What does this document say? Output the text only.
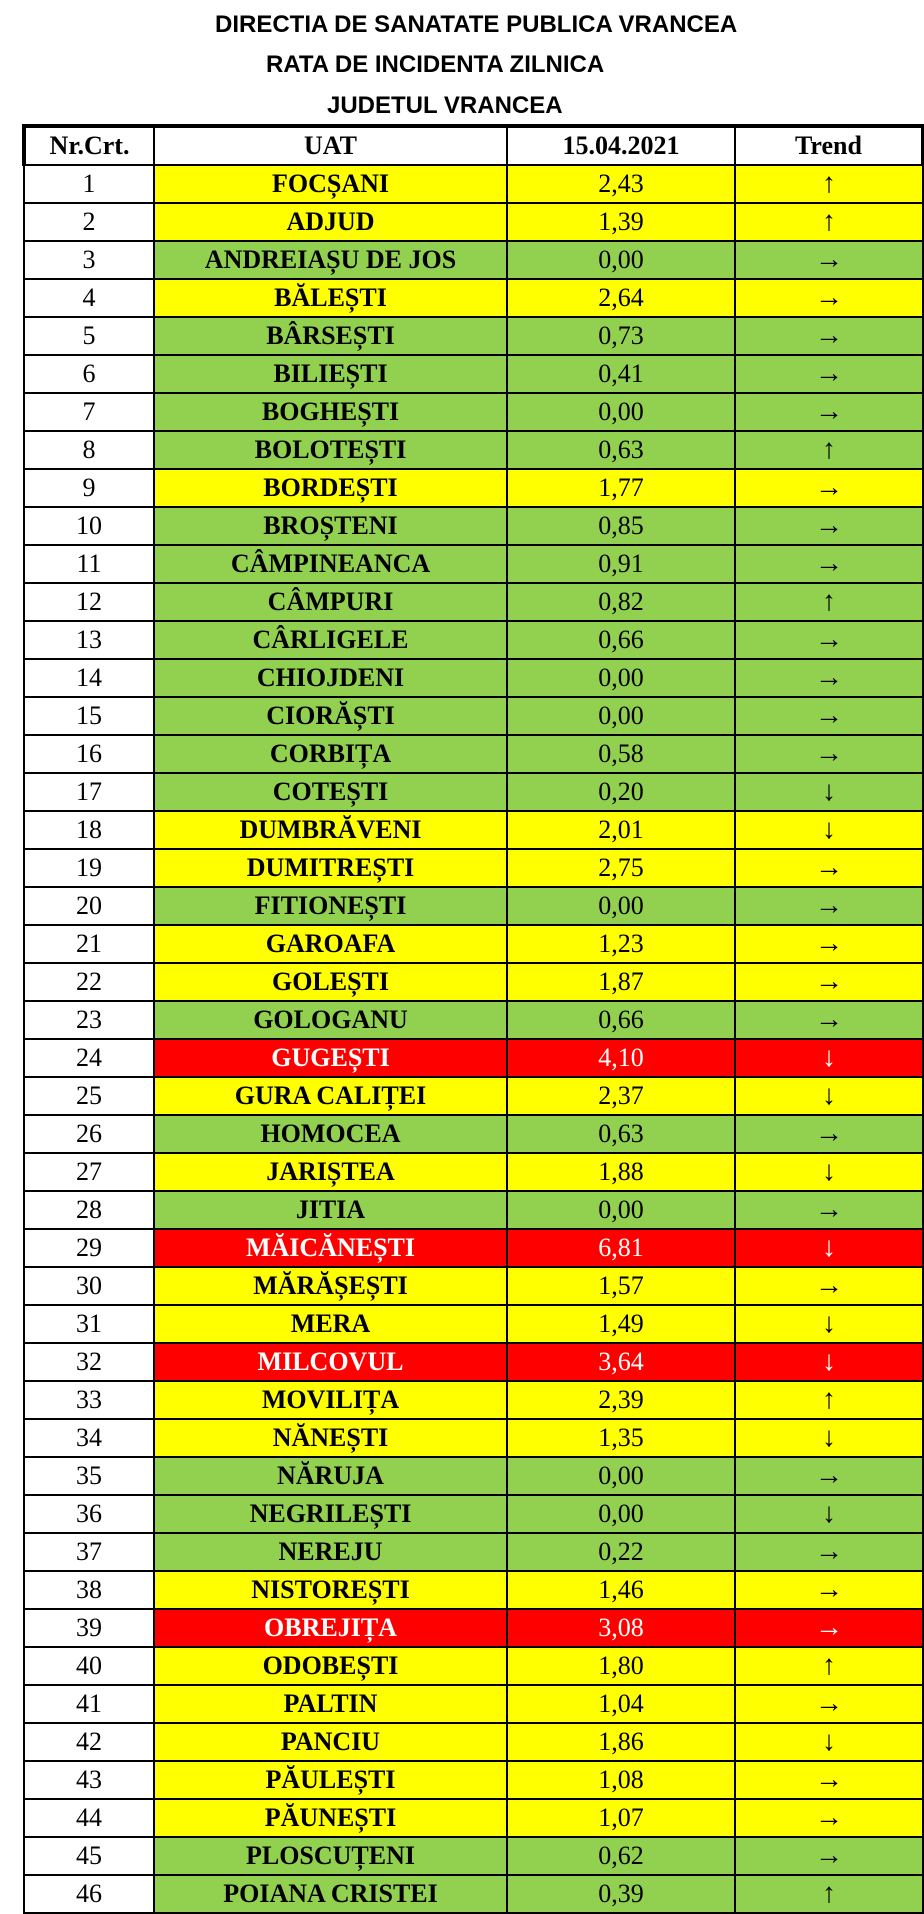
DIRECTIA DE SANATATE PUBLICA VRANCEA
RATA DE INCIDENTA ZILNICA
JUDETUL VRANCEA
Nr.Crt.	UAT	15.04.2021	Trend
1	FOCȘANI	2,43	↑
2	ADJUD	1,39	↑
3	ANDREIAȘU DE JOS	0,00	→
4	BĂLEȘTI	2,64	→
5	BÂRSEȘTI	0,73	→
6	BILIEȘTI	0,41	→
7	BOGHEȘTI	0,00	→
8	BOLOTEȘTI	0,63	↑
9	BORDEȘTI	1,77	→
10	BROȘTENI	0,85	→
11	CÂMPINEANCA	0,91	→
12	CÂMPURI	0,82	↑
13	CÂRLIGELE	0,66	→
14	CHIOJDENI	0,00	→
15	CIORĂȘTI	0,00	→
16	CORBIȚA	0,58	→
17	COTEȘTI	0,20	↓
18	DUMBRĂVENI	2,01	↓
19	DUMITREȘTI	2,75	→
20	FITIONEȘTI	0,00	→
21	GAROAFA	1,23	→
22	GOLEȘTI	1,87	→
23	GOLOGANU	0,66	→
24	GUGEȘTI	4,10	↓
25	GURA CALIȚEI	2,37	↓
26	HOMOCEA	0,63	→
27	JARIȘTEA	1,88	↓
28	JITIA	0,00	→
29	MĂICĂNEȘTI	6,81	↓
30	MĂRĂȘEȘTI	1,57	→
31	MERA	1,49	↓
32	MILCOVUL	3,64	↓
33	MOVILIȚA	2,39	↑
34	NĂNEȘTI	1,35	↓
35	NĂRUJA	0,00	→
36	NEGRILEȘTI	0,00	↓
37	NEREJU	0,22	→
38	NISTOREȘTI	1,46	→
39	OBREJIȚA	3,08	→
40	ODOBEȘTI	1,80	↑
41	PALTIN	1,04	→
42	PANCIU	1,86	↓
43	PĂULEȘTI	1,08	→
44	PĂUNEȘTI	1,07	→
45	PLOSCUȚENI	0,62	→
46	POIANA CRISTEI	0,39	↑
